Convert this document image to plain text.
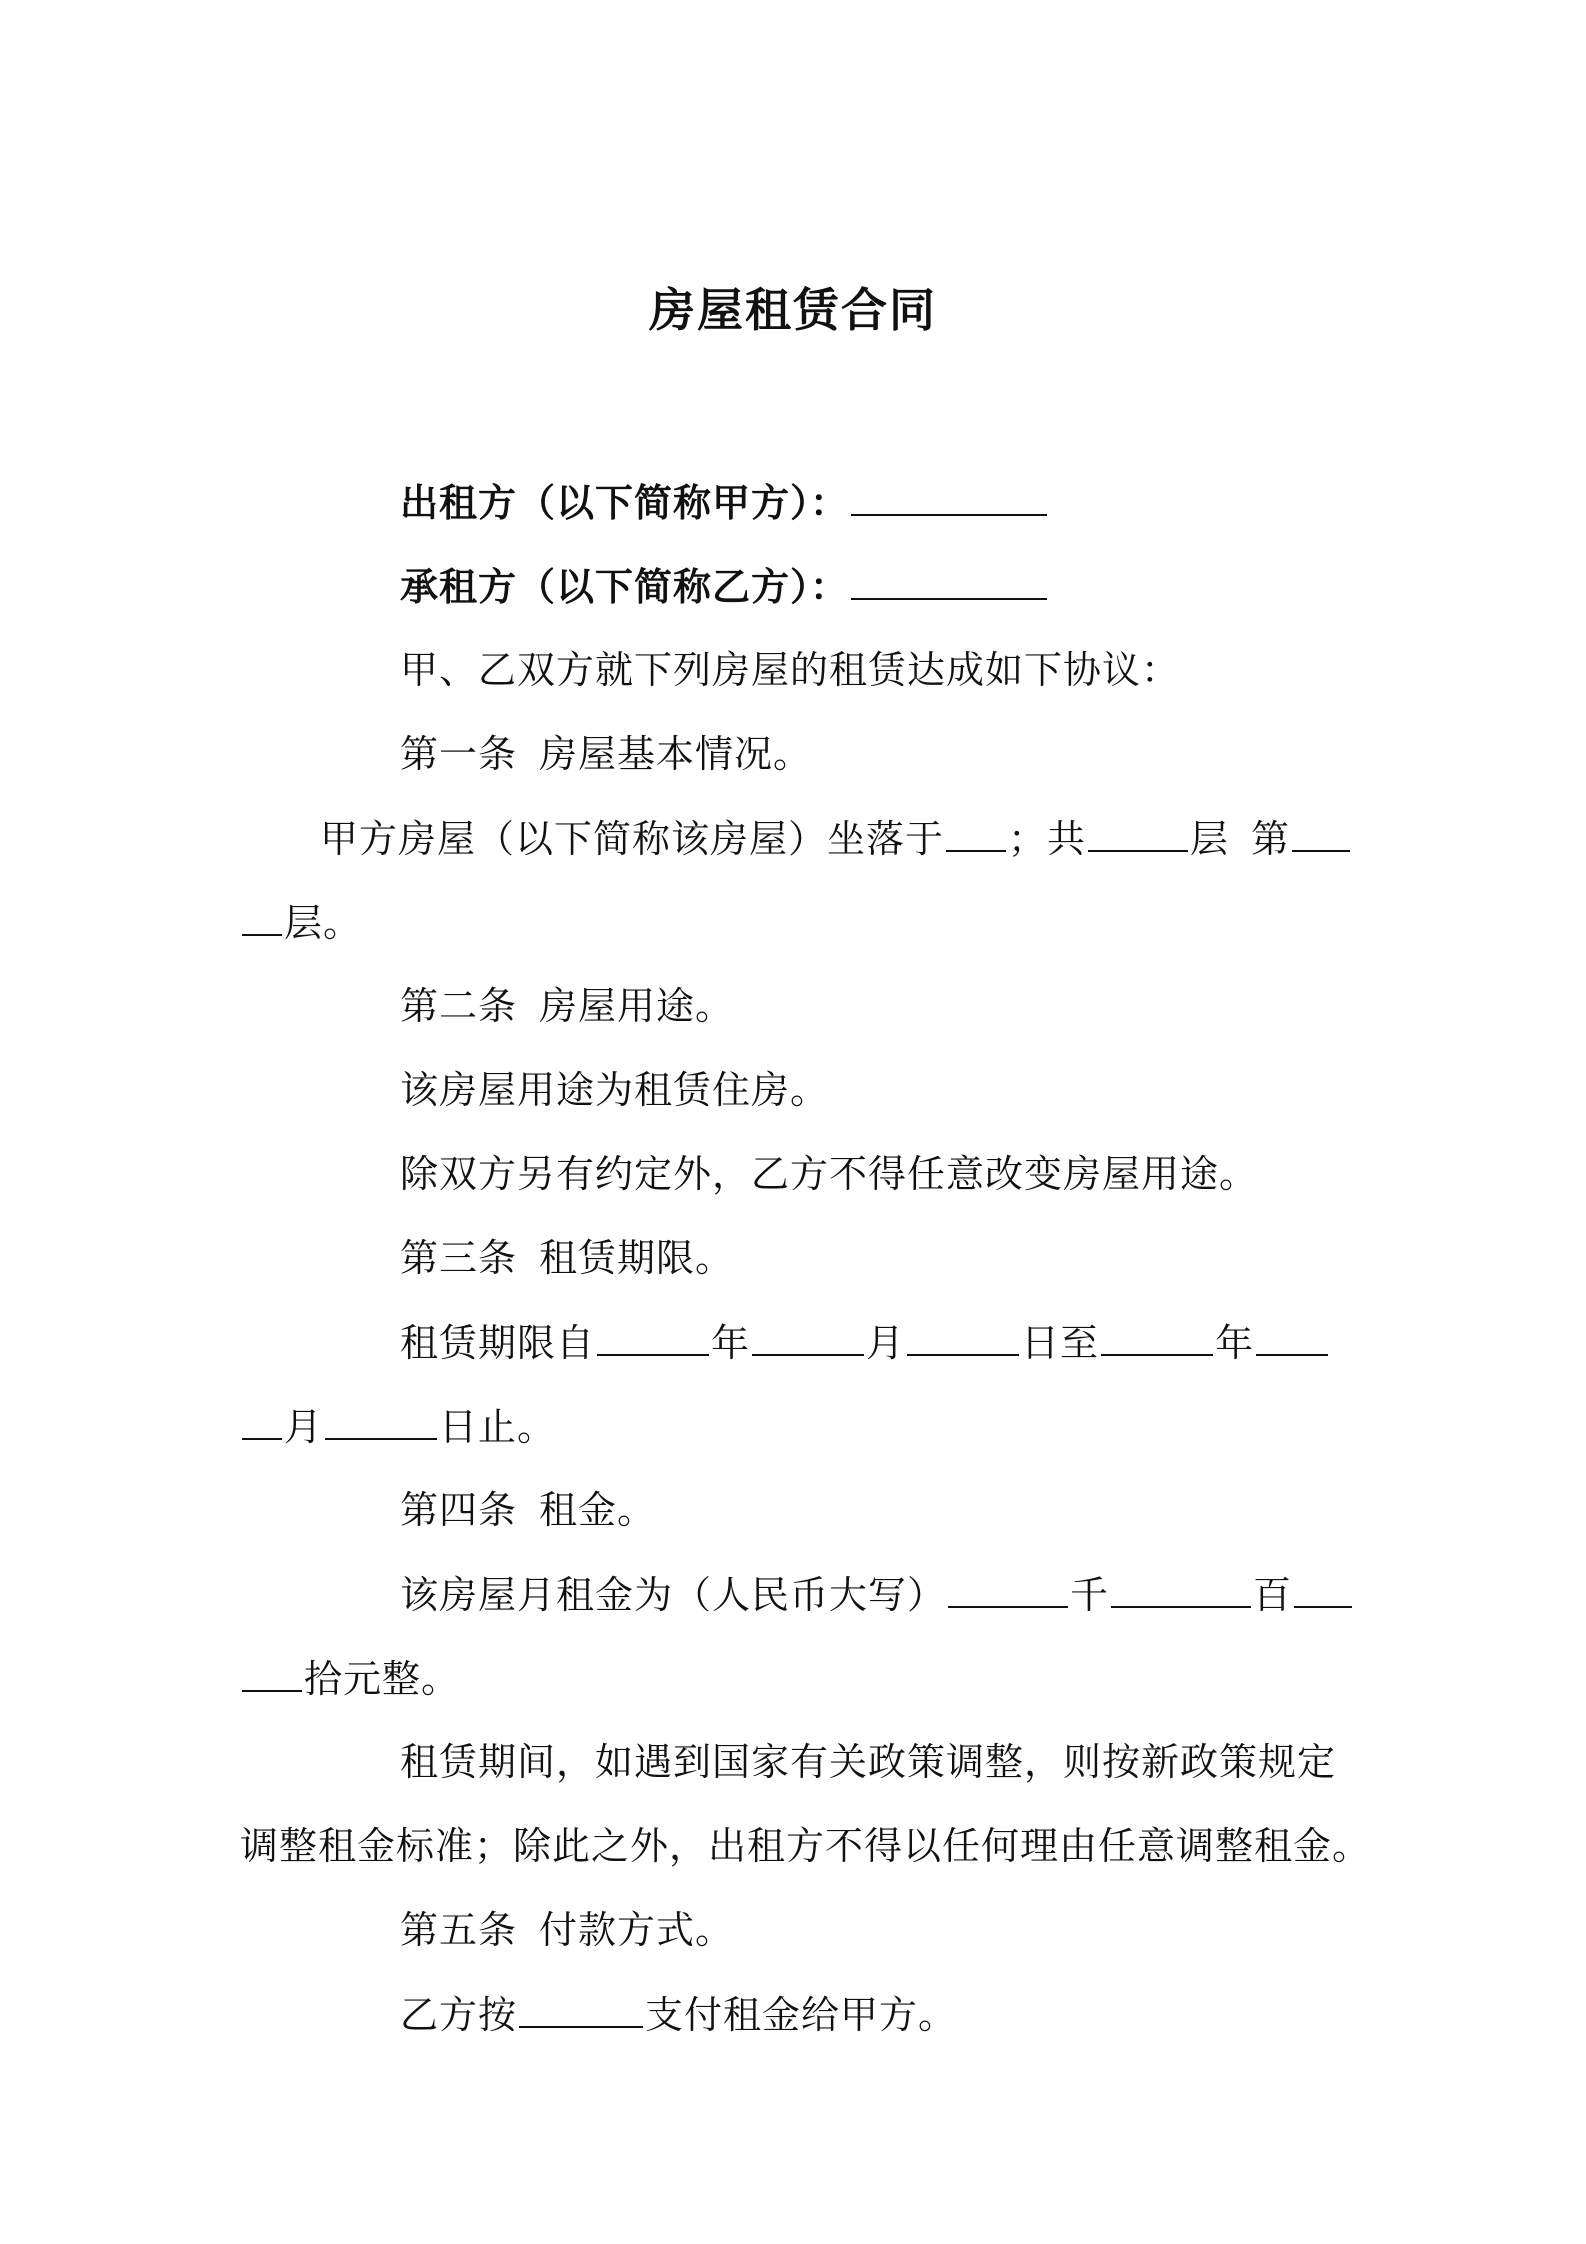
房屋租赁合同
出租方（以下简称甲方）：
承租方（以下简称乙方）：
甲、乙双方就下列房屋的租赁达成如下协议：
第一条 房屋基本情况。
甲方房屋（以下简称该房屋）坐落于 ；共	层 第
层。
第二条 房屋用途。
该房屋用途为租赁住房。
除双方另有约定外，乙方不得任意改变房屋用途。
第三条 租赁期限。
租赁期限自	年	月	日至	年
月	日止。
第四条 租金。
该房屋月租金为（人民币大写）	千	百
拾元整。
租赁期间，如遇到国家有关政策调整，则按新政策规定
调整租金标准；除此之外，出租方不得以任何理由任意调整租金。
第五条 付款方式。
乙方按	支付租金给甲方。
